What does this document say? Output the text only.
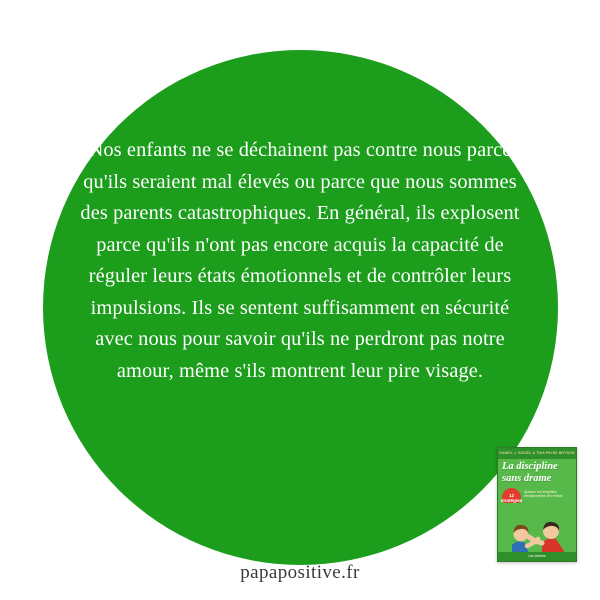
Nos enfants ne se déchainent pas contre nous parce qu'ils seraient mal élevés ou parce que nous sommes des parents catastrophiques. En général, ils explosent parce qu'ils n'ont pas encore acquis la capacité de réguler leurs états émotionnels et de contrôler leurs impulsions. Ils se sentent suffisamment en sécurité avec nous pour savoir qu'ils ne perdront pas notre amour, même s'ils montrent leur pire visage.
papapositive.fr
DANIEL J. SIEGEL & TINA PAYNE BRYSON
La discipline sans drame
12 stratégies
Apaiser les tempêtes émotionnelles de l'enfant
Les Arènes
